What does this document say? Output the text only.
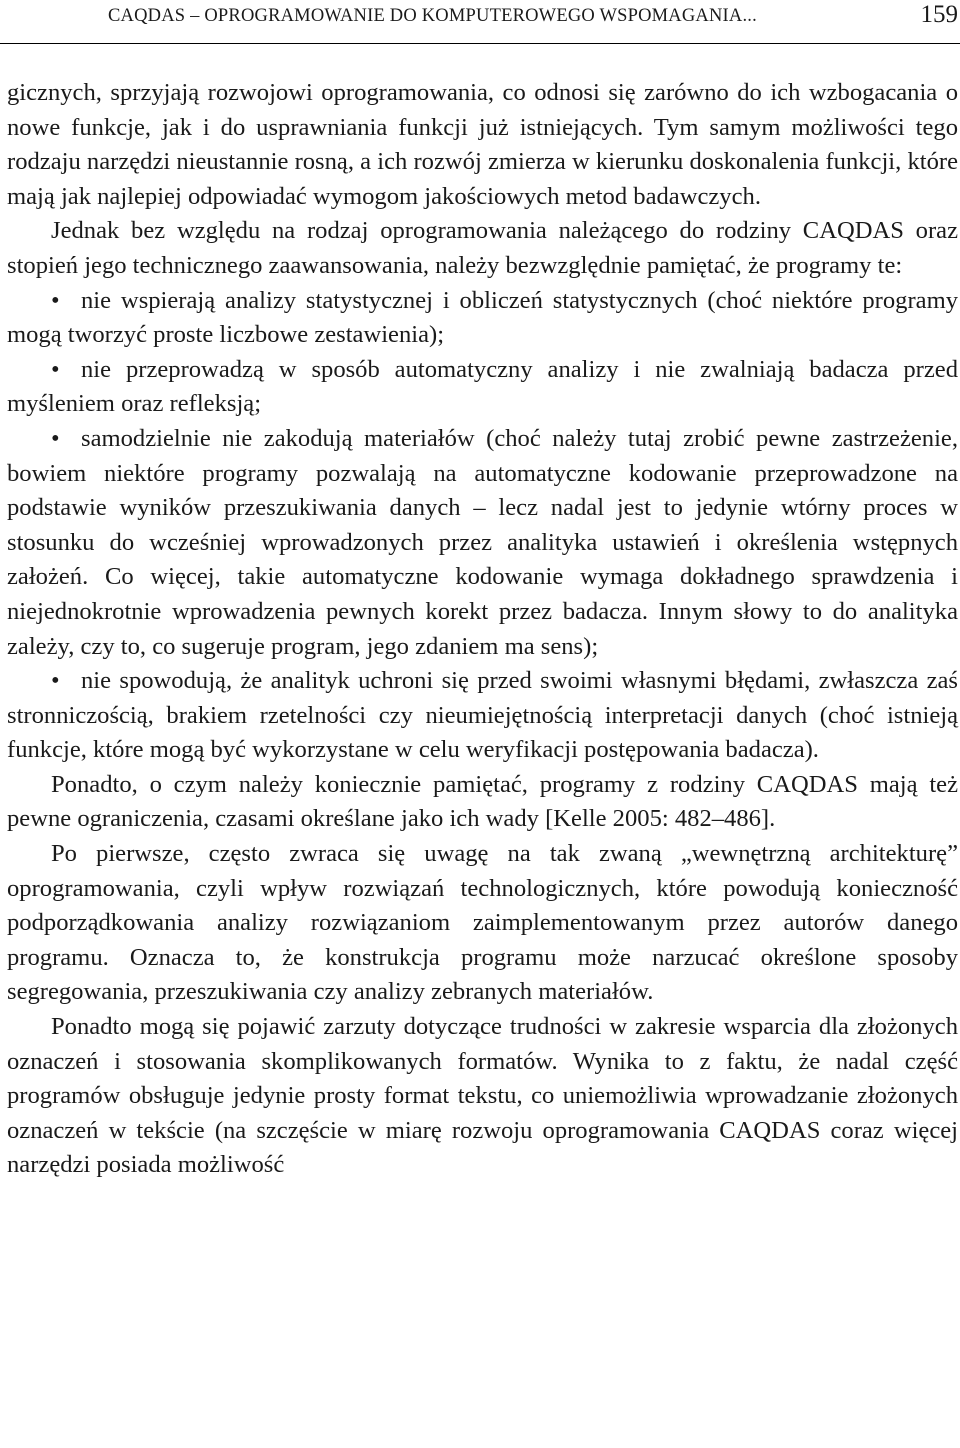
CAQDAS – OPROGRAMOWANIE DO KOMPUTEROWEGO WSPOMAGANIA...	159

gicznych, sprzyjają rozwojowi oprogramowania, co odnosi się zarówno do ich wzbogacania o nowe funkcje, jak i do usprawniania funkcji już istniejących. Tym samym możliwości tego rodzaju narzędzi nieustannie rosną, a ich rozwój zmierza w kierunku doskonalenia funkcji, które mają jak najlepiej odpowiadać wymogom jakościowych metod badawczych.

Jednak bez względu na rodzaj oprogramowania należącego do rodziny CAQDAS oraz stopień jego technicznego zaawansowania, należy bezwzględnie pamiętać, że programy te:

• nie wspierają analizy statystycznej i obliczeń statystycznych (choć niektóre programy mogą tworzyć proste liczbowe zestawienia);

• nie przeprowadzą w sposób automatyczny analizy i nie zwalniają badacza przed myśleniem oraz refleksją;

• samodzielnie nie zakodują materiałów (choć należy tutaj zrobić pewne zastrzeżenie, bowiem niektóre programy pozwalają na automatyczne kodowanie przeprowadzone na podstawie wyników przeszukiwania danych – lecz nadal jest to jedynie wtórny proces w stosunku do wcześniej wprowadzonych przez analityka ustawień i określenia wstępnych założeń. Co więcej, takie automatyczne kodowanie wymaga dokładnego sprawdzenia i niejednokrotnie wprowadzenia pewnych korekt przez badacza. Innym słowy to do analityka zależy, czy to, co sugeruje program, jego zdaniem ma sens);

• nie spowodują, że analityk uchroni się przed swoimi własnymi błędami, zwłaszcza zaś stronniczością, brakiem rzetelności czy nieumiejętnością interpretacji danych (choć istnieją funkcje, które mogą być wykorzystane w celu weryfikacji postępowania badacza).

Ponadto, o czym należy koniecznie pamiętać, programy z rodziny CAQDAS mają też pewne ograniczenia, czasami określane jako ich wady [Kelle 2005: 482–486].

Po pierwsze, często zwraca się uwagę na tak zwaną „wewnętrzną architekturę” oprogramowania, czyli wpływ rozwiązań technologicznych, które powodują konieczność podporządkowania analizy rozwiązaniom zaimplementowanym przez autorów danego programu. Oznacza to, że konstrukcja programu może narzucać określone sposoby segregowania, przeszukiwania czy analizy zebranych materiałów.

Ponadto mogą się pojawić zarzuty dotyczące trudności w zakresie wsparcia dla złożonych oznaczeń i stosowania skomplikowanych formatów. Wynika to z faktu, że nadal część programów obsługuje jedynie prosty format tekstu, co uniemożliwia wprowadzanie złożonych oznaczeń w tekście (na szczęście w miarę rozwoju oprogramowania CAQDAS coraz więcej narzędzi posiada możliwość
